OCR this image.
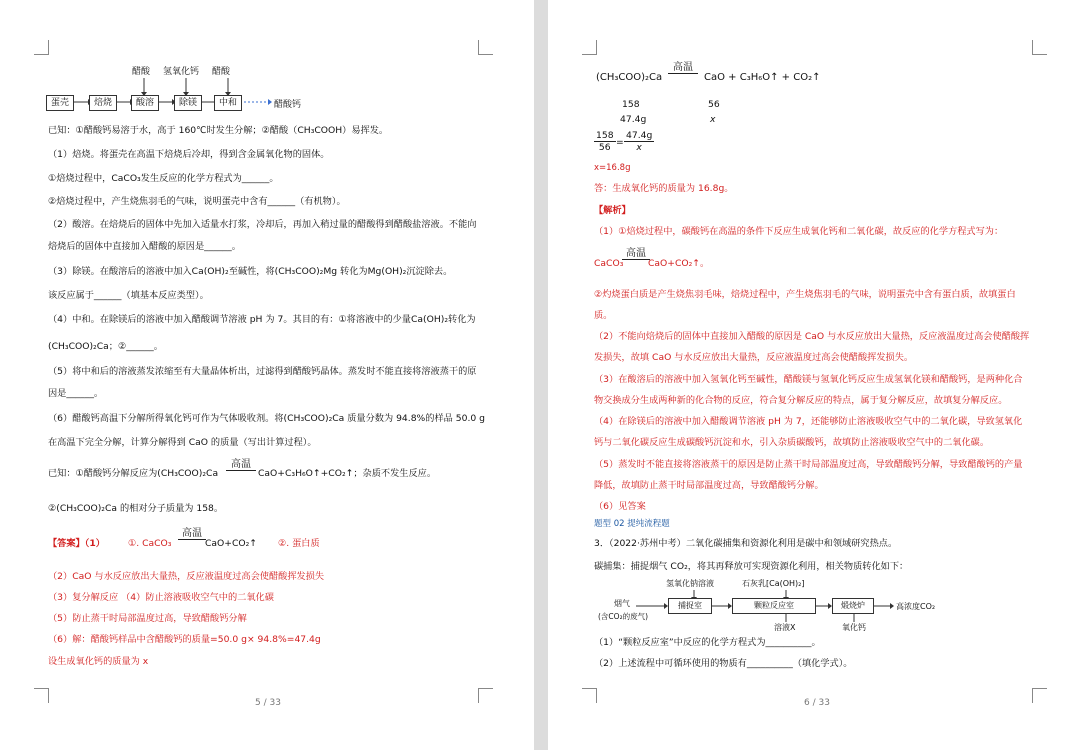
醋酸 氢氧化钙 醋酸
蛋壳	焙烧	酸溶	除镁	中和	醋酸钙
已知：①醋酸钙易溶于水，高于 160℃时发生分解；②醋酸（CH₃COOH）易挥发。
（1）焙烧。将蛋壳在高温下焙烧后冷却，得到含金属氧化物的固体。
①焙烧过程中，CaCO₃发生反应的化学方程式为______。
②焙烧过程中，产生烧焦羽毛的气味，说明蛋壳中含有______（有机物）。
（2）酸溶。在焙烧后的固体中先加入适量水打浆，冷却后，再加入稍过量的醋酸得到醋酸盐溶液。不能向
焙烧后的固体中直接加入醋酸的原因是______。
（3）除镁。在酸溶后的溶液中加入Ca(OH)₂至碱性，将(CH₃COO)₂Mg 转化为Mg(OH)₂沉淀除去。
该反应属于______（填基本反应类型）。
（4）中和。在除镁后的溶液中加入醋酸调节溶液 pH 为 7。其目的有：①将溶液中的少量Ca(OH)₂转化为
(CH₃COO)₂Ca；②______。
（5）将中和后的溶液蒸发浓缩至有大量晶体析出，过滤得到醋酸钙晶体。蒸发时不能直接将溶液蒸干的原
因是______。
（6）醋酸钙高温下分解所得氧化钙可作为气体吸收剂。将(CH₃COO)₂Ca 质量分数为 94.8%的样品 50.0 g
在高温下完全分解，计算分解得到 CaO 的质量（写出计算过程）。
已知：①醋酸钙分解反应为(CH₃COO)₂Ca
高温
CaO+C₃H₆O↑+CO₂↑；杂质不发生反应。
②(CH₃COO)₂Ca 的相对分子质量为 158。
【答案】（1）	①. CaCO₃
高温
CaO+CO₂↑ ②. 蛋白质
（2）CaO 与水反应放出大量热，反应液温度过高会使醋酸挥发损失
（3）复分解反应 （4）防止溶液吸收空气中的二氧化碳
（5）防止蒸干时局部温度过高，导致醋酸钙分解
（6）解：醋酸钙样品中含醋酸钙的质量=50.0 g× 94.8%=47.4g
设生成氧化钙的质量为 x
5 / 33
(CH₃COO)₂Ca
高温
CaO + C₃H₆O↑ + CO₂↑
158	56
47.4g	x
$\frac{158}{56} = \frac{47.4g}{x}$
x=16.8g
答：生成氧化钙的质量为 16.8g。
【解析】
（1）①焙烧过程中，碳酸钙在高温的条件下反应生成氧化钙和二氧化碳，故反应的化学方程式写为：
CaCO₃
高温
CaO+CO₂↑。
②灼烧蛋白质是产生烧焦羽毛味，焙烧过程中，产生烧焦羽毛的气味，说明蛋壳中含有蛋白质，故填蛋白
质。
（2）不能向焙烧后的固体中直接加入醋酸的原因是 CaO 与水反应放出大量热，反应液温度过高会使醋酸挥
发损失，故填 CaO 与水反应放出大量热，反应液温度过高会使醋酸挥发损失。
（3）在酸溶后的溶液中加入氢氧化钙至碱性，醋酸镁与氢氧化钙反应生成氢氧化镁和醋酸钙，是两种化合
物交换成分生成两种新的化合物的反应，符合复分解反应的特点，属于复分解反应，故填复分解反应。
（4）在除镁后的溶液中加入醋酸调节溶液 pH 为 7，还能够防止溶液吸收空气中的二氧化碳，导致氢氧化
钙与二氧化碳反应生成碳酸钙沉淀和水，引入杂质碳酸钙，故填防止溶液吸收空气中的二氧化碳。
（5）蒸发时不能直接将溶液蒸干的原因是防止蒸干时局部温度过高，导致醋酸钙分解，导致醋酸钙的产量
降低，故填防止蒸干时局部温度过高，导致醋酸钙分解。
（6）见答案
题型 02 提纯流程题
3．（2022·苏州中考）二氧化碳捕集和资源化利用是碳中和领域研究热点。
碳捕集：捕捉烟气 CO₂，将其再释放可实现资源化利用，相关物质转化如下：
氢氧化钠溶液	石灰乳[Ca(OH)₂]
烟气
(含CO₂的废气)
捕捉室	颗粒反应室	煅烧炉
溶液X	氧化钙
高浓度CO₂
（1）“颗粒反应室”中反应的化学方程式为__________。
（2）上述流程中可循环使用的物质有__________（填化学式）。
6 / 33
